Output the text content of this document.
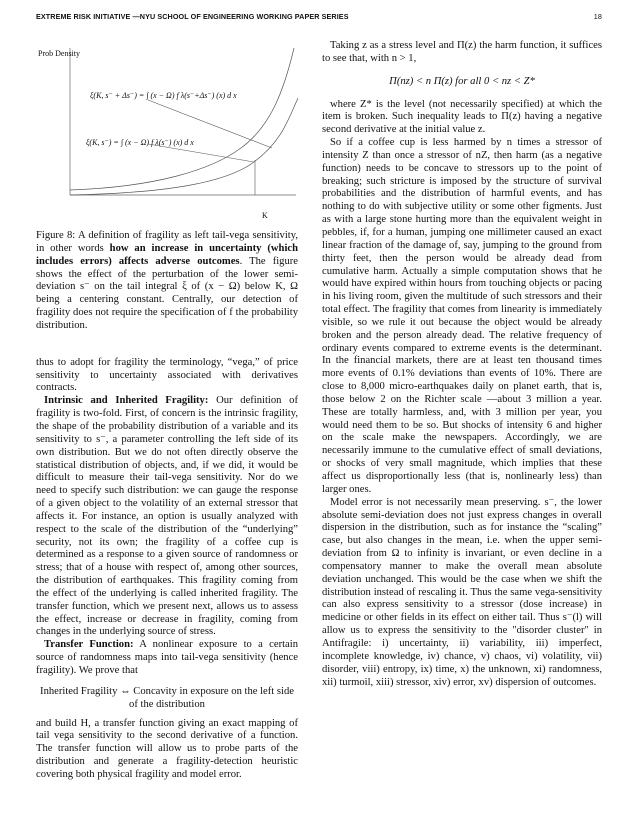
EXTREME RISK INITIATIVE —NYU SCHOOL OF ENGINEERING WORKING PAPER SERIES	18
Prob Density
ξ(K, s⁻ + Δs⁻) = ∫ (x − Ω) f λ(s⁻+Δs⁻) (x) d x
ξ(K, s⁻) = ∫ (x − Ω) f λ(s⁻) (x) d x
K
Figure 8: A definition of fragility as left tail-vega sensitivity, in other words how an increase in uncertainty (which includes errors) affects adverse outcomes. The figure shows the effect of the perturbation of the lower semi-deviation s⁻ on the tail integral ξ of (x − Ω) below K, Ω being a centering constant. Centrally, our detection of fragility does not require the specification of f the probability distribution.

thus to adopt for fragility the terminology, “vega,” of price sensitivity to uncertainty associated with derivatives contracts.

Intrinsic and Inherited Fragility: Our definition of fragility is two-fold. First, of concern is the intrinsic fragility, the shape of the probability distribution of a variable and its sensitivity to s⁻, a parameter controlling the left side of its own distribution. But we do not often directly observe the statistical distribution of objects, and, if we did, it would be difficult to measure their tail-vega sensitivity. Nor do we need to specify such distribution: we can gauge the response of a given object to the volatility of an external stressor that affects it. For instance, an option is usually analyzed with respect to the scale of the distribution of the “underlying” security, not its own; the fragility of a coffee cup is determined as a response to a given source of randomness or stress; that of a house with respect of, among other sources, the distribution of earthquakes. This fragility coming from the effect of the underlying is called inherited fragility. The transfer function, which we present next, allows us to assess the effect, increase or decrease in fragility, coming from changes in the underlying source of stress.

Transfer Function: A nonlinear exposure to a certain source of randomness maps into tail-vega sensitivity (hence fragility). We prove that

Inherited Fragility ⇔ Concavity in exposure on the left side of the distribution

and build H, a transfer function giving an exact mapping of tail vega sensitivity to the second derivative of a function. The transfer function will allow us to probe parts of the distribution and generate a fragility-detection heuristic covering both physical fragility and model error.

Taking z as a stress level and Π(z) the harm function, it suffices to see that, with n > 1,

Π(nz) < n Π(z) for all 0 < nz < Z*

where Z* is the level (not necessarily specified) at which the item is broken. Such inequality leads to Π(z) having a negative second derivative at the initial value z.

So if a coffee cup is less harmed by n times a stressor of intensity Z than once a stressor of nZ, then harm (as a negative function) needs to be concave to stressors up to the point of breaking; such stricture is imposed by the structure of survival probabilities and the distribution of harmful events, and has nothing to do with subjective utility or some other figments. Just as with a large stone hurting more than the equivalent weight in pebbles, if, for a human, jumping one millimeter caused an exact linear fraction of the damage of, say, jumping to the ground from thirty feet, then the person would be already dead from cumulative harm. Actually a simple computation shows that he would have expired within hours from touching objects or pacing in his living room, given the multitude of such stressors and their total effect. The fragility that comes from linearity is immediately visible, so we rule it out because the object would be already broken and the person already dead. The relative frequency of ordinary events compared to extreme events is the determinant. In the financial markets, there are at least ten thousand times more events of 0.1% deviations than events of 10%. There are close to 8,000 micro-earthquakes daily on planet earth, that is, those below 2 on the Richter scale —about 3 million a year. These are totally harmless, and, with 3 million per year, you would need them to be so. But shocks of intensity 6 and higher on the scale make the newspapers. Accordingly, we are necessarily immune to the cumulative effect of small deviations, or shocks of very small magnitude, which implies that these affect us disproportionally less (that is, nonlinearly less) than larger ones.

Model error is not necessarily mean preserving. s⁻, the lower absolute semi-deviation does not just express changes in overall dispersion in the distribution, such as for instance the “scaling” case, but also changes in the mean, i.e. when the upper semi-deviation from Ω to infinity is invariant, or even decline in a compensatory manner to make the overall mean absolute deviation unchanged. This would be the case when we shift the distribution instead of rescaling it. Thus the same vega-sensitivity can also express sensitivity to a stressor (dose increase) in medicine or other fields in its effect on either tail. Thus s⁻(l) will allow us to express the sensitivity to the "disorder cluster" in Antifragile: i) uncertainty, ii) variability, iii) imperfect, incomplete knowledge, iv) chance, v) chaos, vi) volatility, vii) disorder, viii) entropy, ix) time, x) the unknown, xi) randomness, xii) turmoil, xiii) stressor, xiv) error, xv) dispersion of outcomes.
